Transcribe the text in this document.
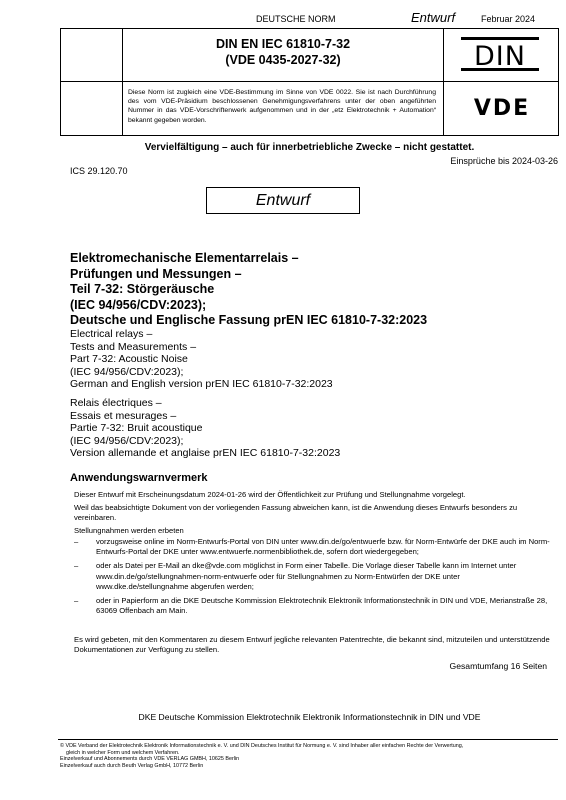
DEUTSCHE NORM	Entwurf	Februar 2024
DIN EN IEC 61810-7-32
(VDE 0435-2027-32)	DIN
VDE
Diese Norm ist zugleich eine VDE-Bestimmung im Sinne von VDE 0022. Sie ist nach Durchführung des vom VDE-Präsidium beschlossenen Genehmigungsverfahrens unter der oben angeführten Nummer in das VDE-Vorschriftenwerk aufgenommen und in der „etz Elektrotechnik + Automation“ bekannt gegeben worden.
Vervielfältigung – auch für innerbetriebliche Zwecke – nicht gestattet.
Einsprüche bis 2024-03-26
ICS 29.120.70
Entwurf
Elektromechanische Elementarrelais –
Prüfungen und Messungen –
Teil 7-32: Störgeräusche
(IEC 94/956/CDV:2023);
Deutsche und Englische Fassung prEN IEC 61810-7-32:2023
Electrical relays –
Tests and Measurements –
Part 7-32: Acoustic Noise
(IEC 94/956/CDV:2023);
German and English version prEN IEC 61810-7-32:2023
Relais électriques –
Essais et mesurages –
Partie 7-32: Bruit acoustique
(IEC 94/956/CDV:2023);
Version allemande et anglaise prEN IEC 61810-7-32:2023
Anwendungswarnvermerk
Dieser Entwurf mit Erscheinungsdatum 2024-01-26 wird der Öffentlichkeit zur Prüfung und Stellungnahme vorgelegt.
Weil das beabsichtigte Dokument von der vorliegenden Fassung abweichen kann, ist die Anwendung dieses Entwurfs besonders zu vereinbaren.
Stellungnahmen werden erbeten
–	vorzugsweise online im Norm-Entwurfs-Portal von DIN unter www.din.de/go/entwuerfe bzw. für Norm-Entwürfe der DKE auch im Norm-Entwurfs-Portal der DKE unter www.entwuerfe.normenbibliothek.de, sofern dort wiedergegeben;
–	oder als Datei per E-Mail an dke@vde.com möglichst in Form einer Tabelle. Die Vorlage dieser Tabelle kann im Internet unter www.din.de/go/stellungnahmen-norm-entwuerfe oder für Stellungnahmen zu Norm-Entwürfen der DKE unter www.dke.de/stellungnahme abgerufen werden;
–	oder in Papierform an die DKE Deutsche Kommission Elektrotechnik Elektronik Informationstechnik in DIN und VDE, Merianstraße 28, 63069 Offenbach am Main.
Es wird gebeten, mit den Kommentaren zu diesem Entwurf jegliche relevanten Patentrechte, die bekannt sind, mitzuteilen und unterstützende Dokumentationen zur Verfügung zu stellen.
Gesamtumfang 16 Seiten
DKE Deutsche Kommission Elektrotechnik Elektronik Informationstechnik in DIN und VDE
© VDE Verband der Elektrotechnik Elektronik Informationstechnik e. V. und DIN Deutsches Institut für Normung e. V. sind Inhaber aller einfachen Rechte der Verwertung,
gleich in welcher Form und welchem Verfahren.
Einzelverkauf und Abonnements durch VDE VERLAG GMBH, 10625 Berlin
Einzelverkauf auch durch Beuth Verlag GmbH, 10772 Berlin
